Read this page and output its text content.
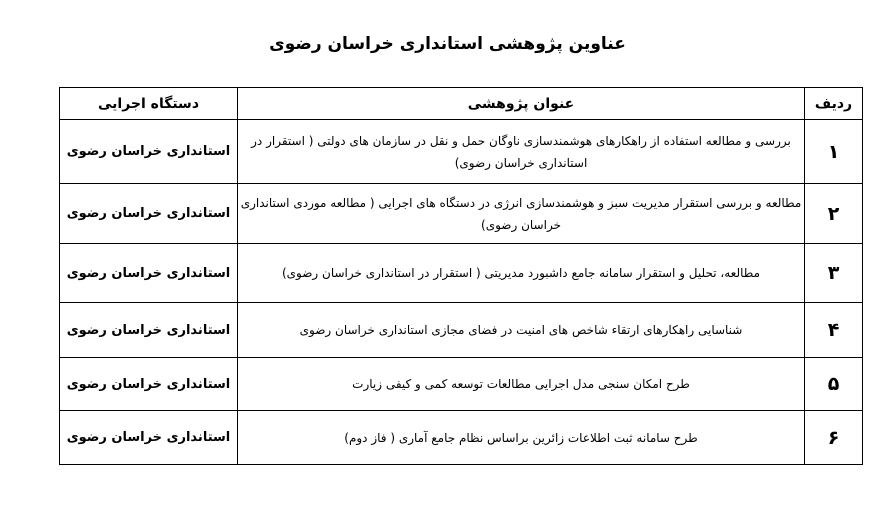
عناوین پژوهشی استانداری خراسان رضوی
ردیف	عنوان پژوهشی	دستگاه اجرایی
۱	بررسی و مطالعه استفاده از راهکارهای هوشمندسازی ناوگان حمل و نقل در سازمان های دولتی ( استقرار در استانداری خراسان رضوی)	استانداری خراسان رضوی
۲	مطالعه و بررسی استقرار مدیریت سبز و هوشمندسازی انرژی در دستگاه های اجرایی ( مطالعه موردی استانداری خراسان رضوی)	استانداری خراسان رضوی
۳	مطالعه، تحلیل و استقرار سامانه جامع داشبورد مدیریتی ( استقرار در استانداری خراسان رضوی)	استانداری خراسان رضوی
۴	شناسایی راهکارهای ارتقاء شاخص های امنیت در فضای مجازی استانداری خراسان رضوی	استانداری خراسان رضوی
۵	طرح امکان سنجی مدل اجرایی مطالعات توسعه کمی و کیفی زیارت	استانداری خراسان رضوی
۶	طرح سامانه ثبت اطلاعات زائرین براساس نظام جامع آماری ( فاز دوم)	استانداری خراسان رضوی
